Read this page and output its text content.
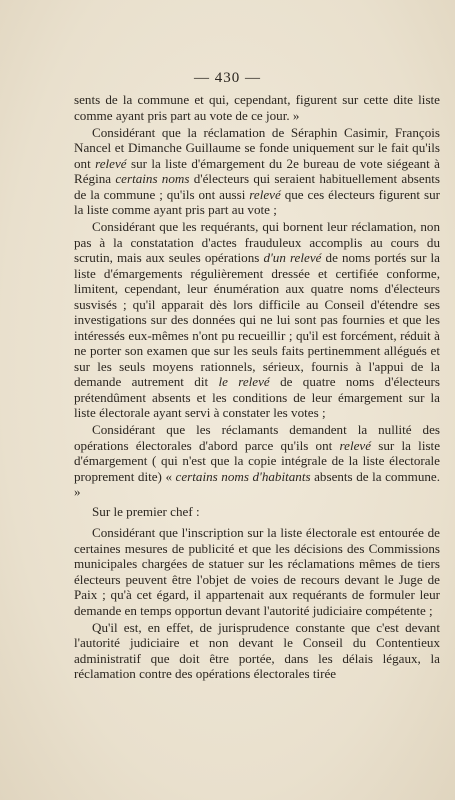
— 430 —

sents de la commune et qui, cependant, figurent sur cette dite liste comme ayant pris part au vote de ce jour. »

Considérant que la réclamation de Séraphin Casimir, François Nancel et Dimanche Guillaume se fonde uniquement sur le fait qu'ils ont relevé sur la liste d'émargement du 2e bureau de vote siégeant à Régina certains noms d'électeurs qui seraient habituellement absents de la commune ; qu'ils ont aussi relevé que ces électeurs figurent sur la liste comme ayant pris part au vote ;

Considérant que les requérants, qui bornent leur réclamation, non pas à la constatation d'actes frauduleux accomplis au cours du scrutin, mais aux seules opérations d'un relevé de noms portés sur la liste d'émargements régulièrement dressée et certifiée conforme, limitent, cependant, leur énumération aux quatre noms d'électeurs susvisés ; qu'il apparait dès lors difficile au Conseil d'étendre ses investigations sur des données qui ne lui sont pas fournies et que les intéressés eux-mêmes n'ont pu recueillir ; qu'il est forcément, réduit à ne porter son examen que sur les seuls faits pertinemment allégués et sur les seuls moyens rationnels, sérieux, fournis à l'appui de la demande autrement dit le relevé de quatre noms d'électeurs prétendûment absents et les conditions de leur émargement sur la liste électorale ayant servi à constater les votes ;

Considérant que les réclamants demandent la nullité des opérations électorales d'abord parce qu'ils ont relevé sur la liste d'émargement ( qui n'est que la copie intégrale de la liste électorale proprement dite) « certains noms d'habitants absents de la commune. »

Sur le premier chef :

Considérant que l'inscription sur la liste électorale est entourée de certaines mesures de publicité et que les décisions des Commissions municipales chargées de statuer sur les réclamations mêmes de tiers électeurs peuvent être l'objet de voies de recours devant le Juge de Paix ; qu'à cet égard, il appartenait aux requérants de formuler leur demande en temps opportun devant l'autorité judiciaire compétente ;

Qu'il est, en effet, de jurisprudence constante que c'est devant l'autorité judiciaire et non devant le Conseil du Contentieux administratif que doit être portée, dans les délais légaux, la réclamation contre des opérations électorales tirée
